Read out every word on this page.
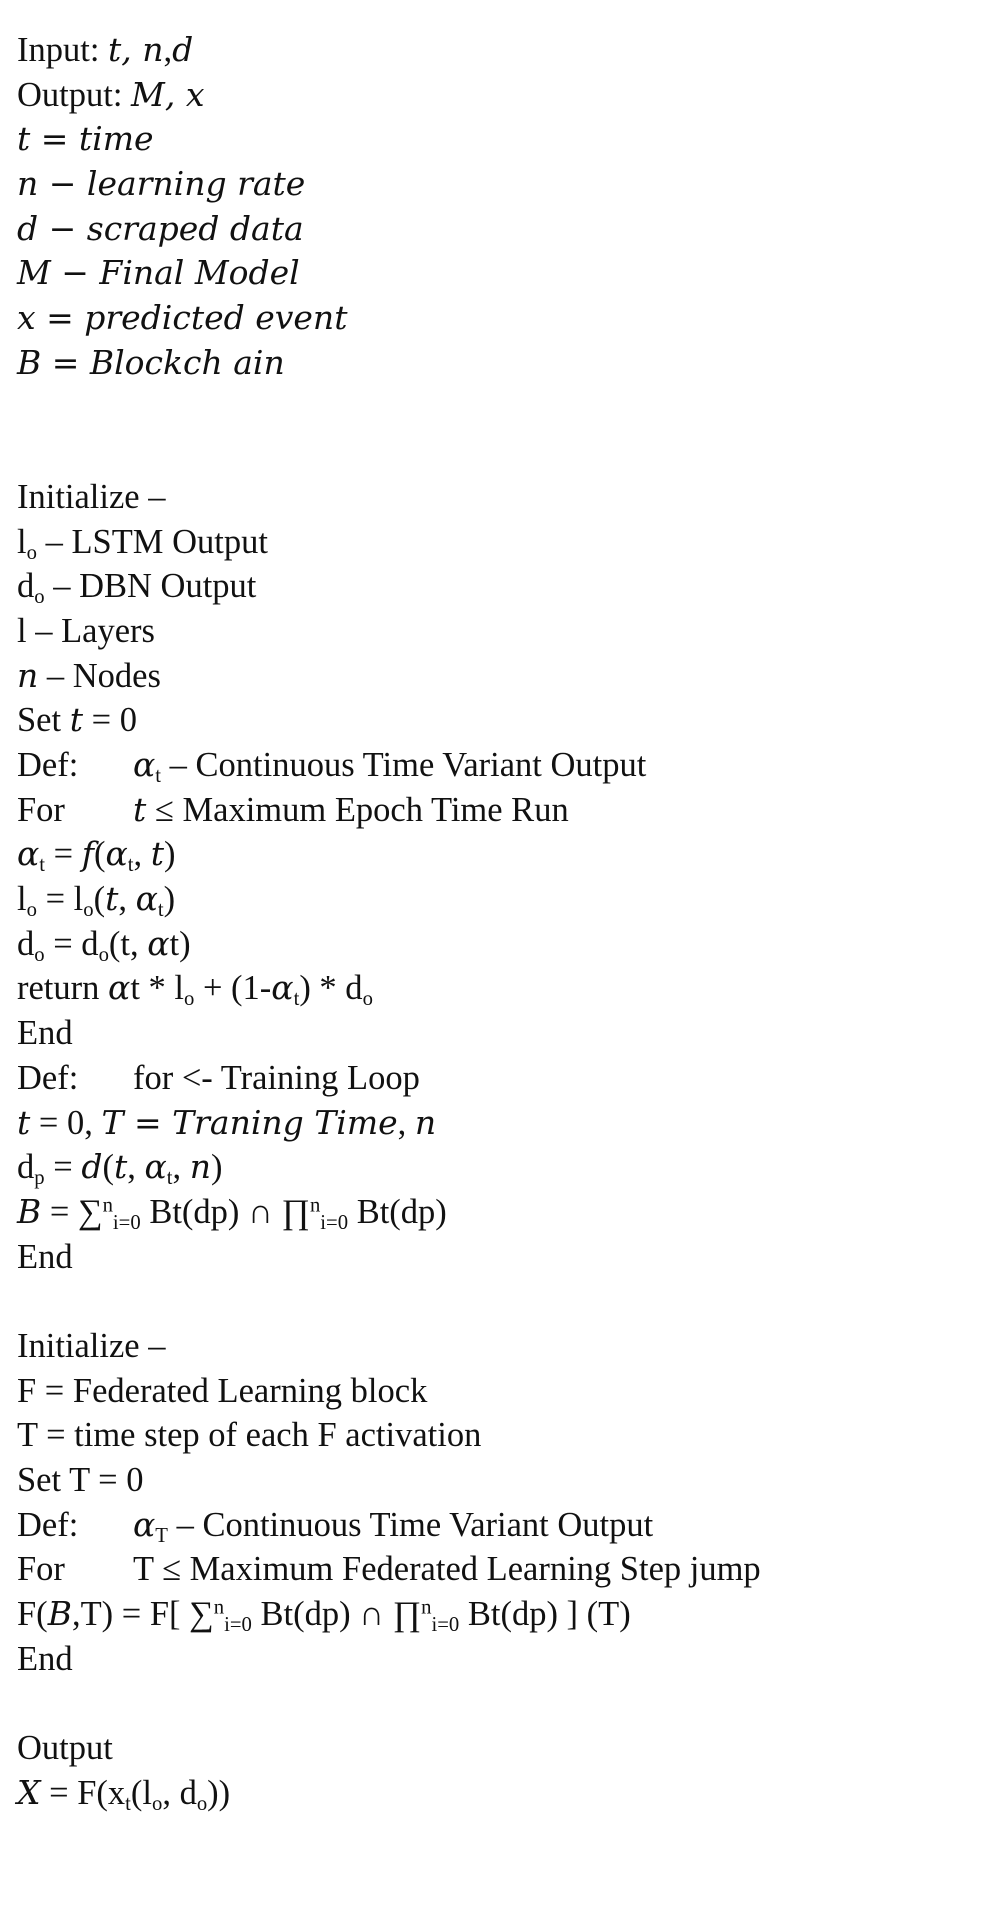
Input: t, n,d
Output: M, x
t = time
n − learning rate
d − scraped data
M − Final Model
x = predicted event
B = Blockch ain
Initialize –
$l_o$ – LSTM Output
$d_o$ – DBN Output
l – Layers
n – Nodes
Set t = 0
Def: $\alpha_t$ – Continuous Time Variant Output
For t ≤ Maximum Epoch Time Run
$\alpha_t = f(\alpha_t$, t)
$l_o = l_o(t$, $\alpha_t$)
$d_o = d_o(t$, αt)
return $\alpha t * l_o + (1-\alpha_t) * d_o$
End
Def: for <- Training Loop
t = 0, T = Traning Time, n
$d_p = d(t$, $\alpha_t$, n)
B = ∑$^n_{i=0}$ Bt(dp) ∩ ∏$^n_{i=0}$ Bt(dp)
End
Initialize –
F = Federated Learning block
T = time step of each F activation
Set T = 0
Def: $\alpha_T$ – Continuous Time Variant Output
For T ≤ Maximum Federated Learning Step jump
F(B,T) = F[ ∑$^n_{i=0}$ Bt(dp) ∩ ∏$^n_{i=0}$ Bt(dp) ] (T)
End
Output
$X = F(x_t(l_o$, $d_o$))
